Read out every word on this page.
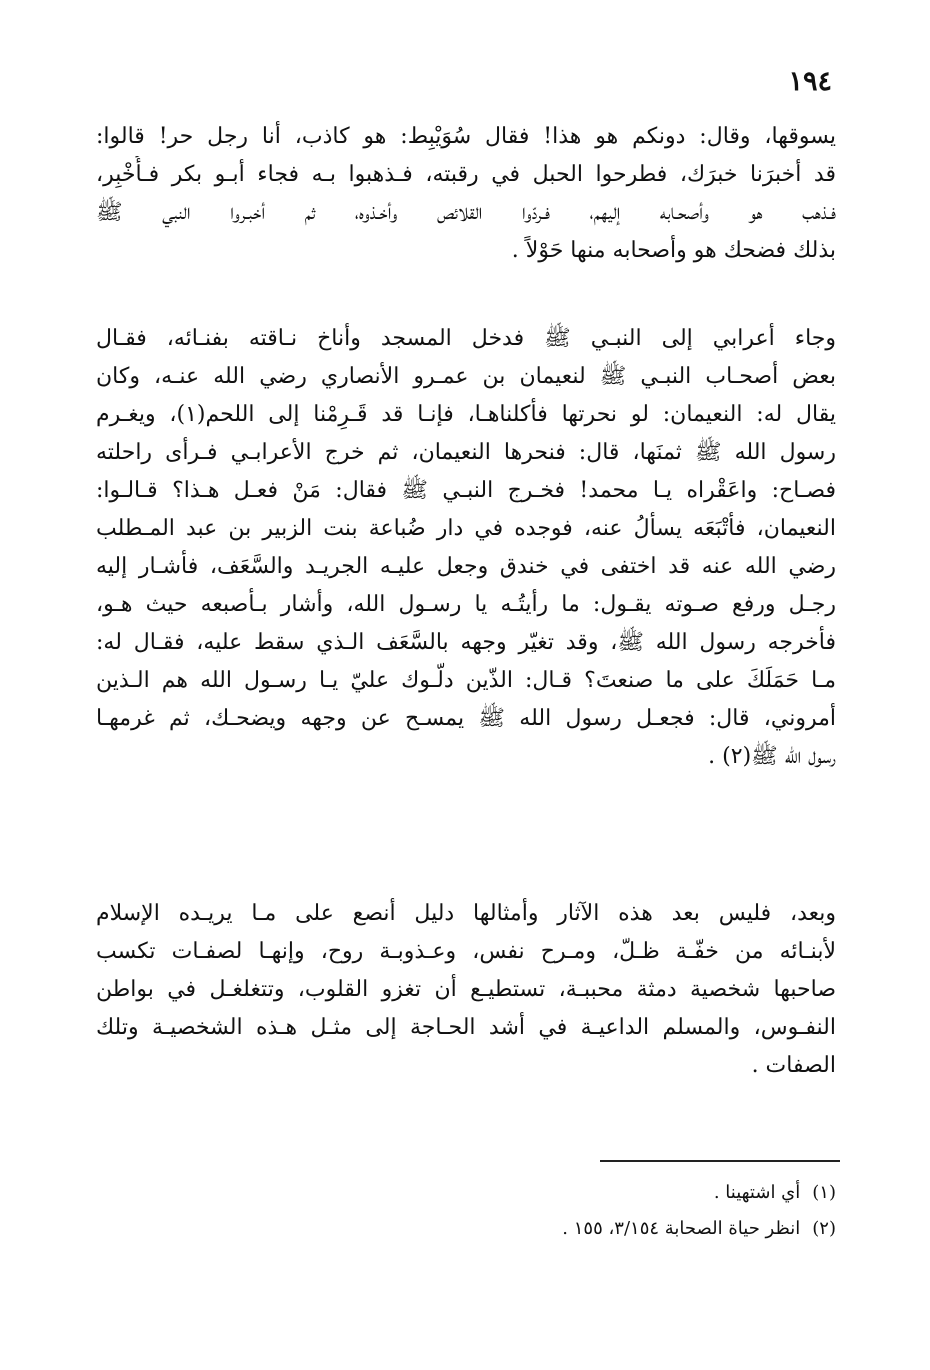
١٩٤
يسوقها، وقال: دونكم هو هذا! فقال سُوَيْبِط: هو كاذب، أنا رجل حر! قالوا:
قد أخبرَنا خبرَك، فطرحوا الحبل في رقبته، فـذهبوا بـه فجاء أبـو بكر فـأُخْبِر،
فـذهب هو وأصحـابه إليهم، فـردّوا القلائص وأخـذوه، ثم أخبـروا النبي ﷺ
بذلك فضحك هو وأصحابه منها حَوْلاً .
وجاء أعرابي إلى النبـي ﷺ فدخل المسجد وأناخ نـاقته بفنـائه، فقـال
بعض أصحـاب النبـي ﷺ لنعيمان بن عمـرو الأنصاري رضي الله عنـه، وكان
يقال له: النعيمان: لو نحرتها فأكلناهـا، فإنـا قد قَـرِمْنا إلى اللحم(١)، ويغـرم
رسول الله ﷺ ثمنَها، قال: فنحرها النعيمان، ثم خرج الأعرابـي فـرأى راحلته
فصـاح: واعَقْراه يـا محمد! فخـرج النبـي ﷺ فقال: مَنْ فعـل هـذا؟ قـالـوا:
النعيمان، فأتْبَعَه يسألُ عنه، فوجده في دار ضُباعة بنت الزبير بن عبد المـطلب
رضي الله عنه قد اختفى في خندق وجعل عليـه الجريـد والسَّعَف، فأشـار إليه
رجـل ورفع صـوته يقـول: ما رأيتُـه يا رسـول الله، وأشار بـأصبعه حيث هـو،
فأخرجه رسول الله ﷺ، وقد تغيّر وجهه بالسَّعَف الـذي سقط عليه، فقـال له:
مـا حَمَلَكَ على ما صنعتَ؟ قـال: الذّين دلّـوك عليّ يـا رسـول الله هم الـذين
أمروني، قال: فجعـل رسول الله ﷺ يمسـح عن وجهه ويضحـك، ثم غرمهـا
رسول الله ﷺ(٢) .
وبعد، فليس بعد هذه الآثار وأمثالها دليل أنصع على مـا يريـده الإسلام
لأبنـائه من خفّـة ظـلّ، ومـرح نفس، وعـذوبـة روح، وإنهـا لصفـات تكسب
صاحبها شخصية دمثة محببـة، تستطيـع أن تغزو القلوب، وتتغلغـل في بواطن
النفـوس، والمسلم الداعيـة في أشد الحـاجة إلى مثـل هـذه الشخصيـة وتلك
الصفات .
(١)أي اشتهينا .
(٢)انظر حياة الصحابة ٣/١٥٤، ١٥٥ .
